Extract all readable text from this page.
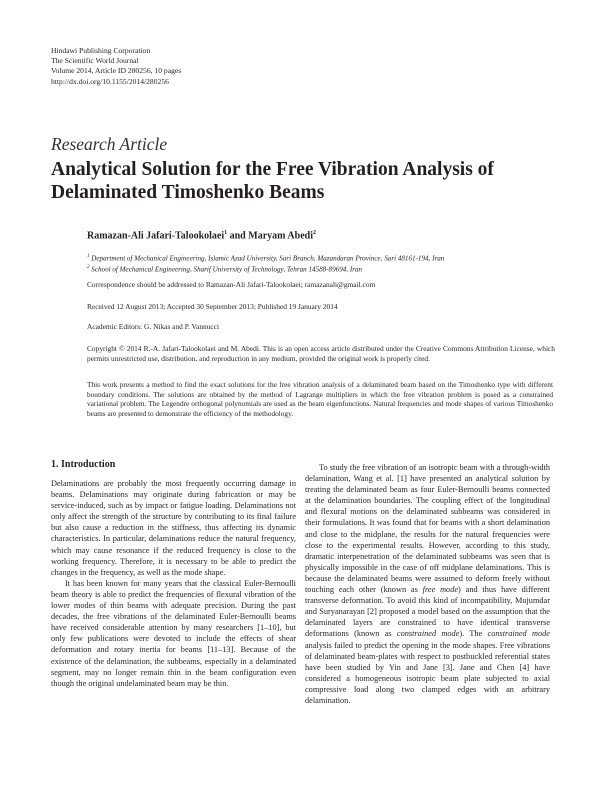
Hindawi Publishing Corporation
The Scientific World Journal
Volume 2014, Article ID 280256, 10 pages
http://dx.doi.org/10.1155/2014/280256
Research Article
Analytical Solution for the Free Vibration Analysis of Delaminated Timoshenko Beams
Ramazan-Ali Jafari-Talookolaei$^1$ and Maryam Abedi$^2$
$^1$ Department of Mechanical Engineering, Islamic Azad University, Sari Branch, Mazandaran Province, Sari 48161-194, Iran
$^2$ School of Mechanical Engineering, Sharif University of Technology, Tehran 14588-89694, Iran
Correspondence should be addressed to Ramazan-Ali Jafari-Talookolaei; ramazanali@gmail.com
Received 12 August 2013; Accepted 30 September 2013; Published 19 January 2014
Academic Editors: G. Nikas and P. Vannucci
Copyright © 2014 R.-A. Jafari-Talookolaei and M. Abedi. This is an open access article distributed under the Creative Commons Attribution License, which permits unrestricted use, distribution, and reproduction in any medium, provided the original work is properly cited.
This work presents a method to find the exact solutions for the free vibration analysis of a delaminated beam based on the Timoshenko type with different boundary conditions. The solutions are obtained by the method of Lagrange multipliers in which the free vibration problem is posed as a constrained variational problem. The Legendre orthogonal polynomials are used as the beam eigenfunctions. Natural frequencies and mode shapes of various Timoshenko beams are presented to demonstrate the efficiency of the methodology.
1. Introduction

Delaminations are probably the most frequently occurring damage in beams. Delaminations may originate during fabrication or may be service-induced, such as by impact or fatigue loading. Delaminations not only affect the strength of the structure by contributing to its final failure but also cause a reduction in the stiffness, thus affecting its dynamic characteristics. In particular, delaminations reduce the natural frequency, which may cause resonance if the reduced frequency is close to the working frequency. Therefore, it is necessary to be able to predict the changes in the frequency, as well as the mode shape.

It has been known for many years that the classical Euler-Bernoulli beam theory is able to predict the frequencies of flexural vibration of the lower modes of thin beams with adequate precision. During the past decades, the free vibrations of the delaminated Euler-Bernoulli beams have received considerable attention by many researchers [1–10], but only few publications were devoted to include the effects of shear deformation and rotary inertia for beams [11–13]. Because of the existence of the delamination, the subbeams, especially in a delaminated segment, may no longer remain thin in the beam configuration even though the original undelaminated beam may be thin.

To study the free vibration of an isotropic beam with a through-width delamination, Wang et al. [1] have presented an analytical solution by treating the delaminated beam as four Euler-Bernoulli beams connected at the delamination boundaries. The coupling effect of the longitudinal and flexural motions on the delaminated subbeams was considered in their formulations. It was found that for beams with a short delamination and close to the midplane, the results for the natural frequencies were close to the experimental results. However, according to this study, dramatic interpenetration of the delaminated subbeams was seen that is physically impossible in the case of off midplane delaminations. This is because the delaminated beams were assumed to deform freely without touching each other (known as free mode) and thus have different transverse deformation. To avoid this kind of incompatibility, Mujumdar and Suryanarayan [2] proposed a model based on the assumption that the delaminated layers are constrained to have identical transverse deformations (known as constrained mode). The constrained mode analysis failed to predict the opening in the mode shapes. Free vibrations of delaminated beam-plates with respect to postbuckled referential states have been studied by Yin and Jane [3]. Jane and Chen [4] have considered a homogeneous isotropic beam plate subjected to axial compressive load along two clamped edges with an arbitrary delamination.
